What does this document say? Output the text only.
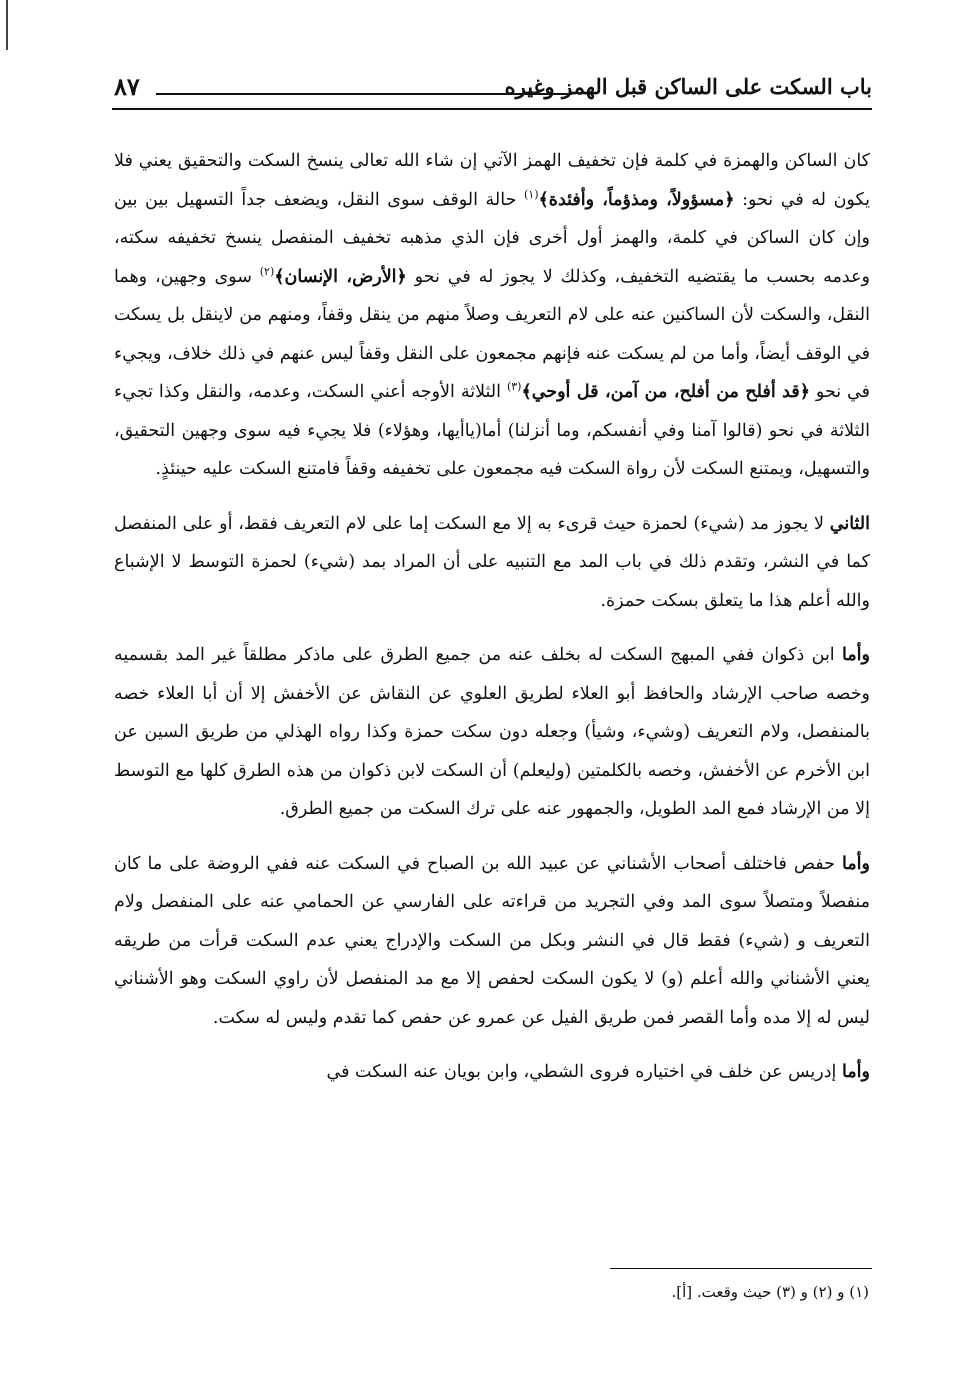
باب السكت على الساكن قبل الهمز وغيره
٨٧

كان الساكن والهمزة في كلمة فإن تخفيف الهمز الآتي إن شاء الله تعالى ينسخ السكت والتحقيق يعني فلا يكون له في نحو: ﴿مسؤولاً، ومذؤماً، وأفئدة﴾$^{(١)}$ حالة الوقف سوى النقل، ويضعف جداً التسهيل بين بين وإن كان الساكن في كلمة، والهمز أول أخرى فإن الذي مذهبه تخفيف المنفصل ينسخ تخفيفه سكته، وعدمه بحسب ما يقتضيه التخفيف، وكذلك لا يجوز له في نحو ﴿الأرض، الإنسان﴾$^{(٢)}$ سوى وجهين، وهما النقل، والسكت لأن الساكنين عنه على لام التعريف وصلاً منهم من ينقل وقفاً، ومنهم من لاينقل بل يسكت في الوقف أيضاً، وأما من لم يسكت عنه فإنهم مجمعون على النقل وقفاً ليس عنهم في ذلك خلاف، ويجيء في نحو ﴿قد أفلح من أفلح، من آمن، قل أوحي﴾$^{(٣)}$ الثلاثة الأوجه أعني السكت، وعدمه، والنقل وكذا تجيء الثلاثة في نحو (قالوا آمنا وفي أنفسكم، وما أنزلنا) أما(ياأيها، وهؤلاء) فلا يجيء فيه سوى وجهين التحقيق، والتسهيل، ويمتنع السكت لأن رواة السكت فيه مجمعون على تخفيفه وقفاً فامتنع السكت عليه حينئذٍ.

الثاني لا يجوز مد (شيء) لحمزة حيث قرىء به إلا مع السكت إما على لام التعريف فقط، أو على المنفصل كما في النشر، وتقدم ذلك في باب المد مع التنبيه على أن المراد بمد (شيء) لحمزة التوسط لا الإشباع والله أعلم هذا ما يتعلق بسكت حمزة.

وأما ابن ذكوان ففي المبهج السكت له بخلف عنه من جميع الطرق على ماذكر مطلقاً غير المد بقسميه وخصه صاحب الإرشاد والحافظ أبو العلاء لطريق العلوي عن النقاش عن الأخفش إلا أن أبا العلاء خصه بالمنفصل، ولام التعريف (وشيء، وشيأ) وجعله دون سكت حمزة وكذا رواه الهذلي من طريق السين عن ابن الأخرم عن الأخفش، وخصه بالكلمتين (وليعلم) أن السكت لابن ذكوان من هذه الطرق كلها مع التوسط إلا من الإرشاد فمع المد الطويل، والجمهور عنه على ترك السكت من جميع الطرق.

وأما حفص فاختلف أصحاب الأشناني عن عبيد الله بن الصباح في السكت عنه ففي الروضة على ما كان منفصلاً ومتصلاً سوى المد وفي التجريد من قراءته على الفارسي عن الحمامي عنه على المنفصل ولام التعريف و (شيء) فقط قال في النشر وبكل من السكت والإدراج يعني عدم السكت قرأت من طريقه يعني الأشناني والله أعلم (و) لا يكون السكت لحفص إلا مع مد المنفصل لأن راوي السكت وهو الأشناني ليس له إلا مده وأما القصر فمن طريق الفيل عن عمرو عن حفص كما تقدم وليس له سكت.

وأما إدريس عن خلف في اختياره فروى الشطي، وابن بويان عنه السكت في

(١) و (٢) و (٣) حيث وقعت. [أ].
